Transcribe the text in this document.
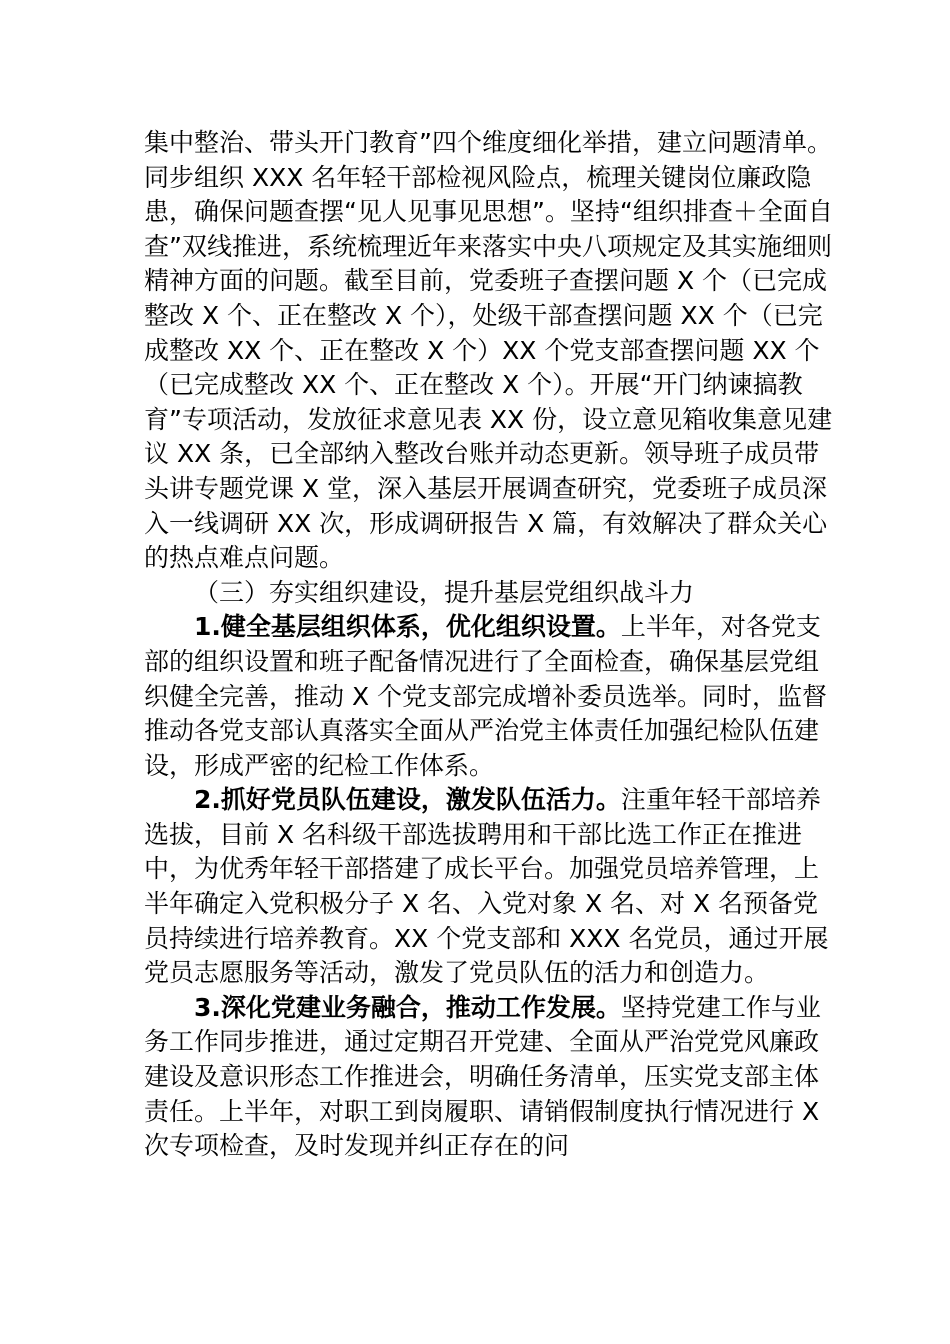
集中整治、带头开门教育”四个维度细化举措，建立问题清单。同步组织 XXX 名年轻干部检视风险点，梳理关键岗位廉政隐患，确保问题查摆“见人见事见思想”。坚持“组织排查＋全面自查”双线推进，系统梳理近年来落实中央八项规定及其实施细则精神方面的问题。截至目前，党委班子查摆问题 X 个（已完成整改 X 个、正在整改 X 个），处级干部查摆问题 XX 个（已完成整改 XX 个、正在整改 X 个）XX 个党支部查摆问题 XX 个（已完成整改 XX 个、正在整改 X 个）。开展“开门纳谏搞教育”专项活动，发放征求意见表 XX 份，设立意见箱收集意见建议 XX 条，已全部纳入整改台账并动态更新。领导班子成员带头讲专题党课 X 堂，深入基层开展调查研究，党委班子成员深入一线调研 XX 次，形成调研报告 X 篇，有效解决了群众关心的热点难点问题。

（三）夯实组织建设，提升基层党组织战斗力

1.健全基层组织体系，优化组织设置。上半年，对各党支部的组织设置和班子配备情况进行了全面检查，确保基层党组织健全完善，推动 X 个党支部完成增补委员选举。同时，监督推动各党支部认真落实全面从严治党主体责任加强纪检队伍建设，形成严密的纪检工作体系。

2.抓好党员队伍建设，激发队伍活力。注重年轻干部培养选拔，目前 X 名科级干部选拔聘用和干部比选工作正在推进中，为优秀年轻干部搭建了成长平台。加强党员培养管理，上半年确定入党积极分子 X 名、入党对象 X 名、对 X 名预备党员持续进行培养教育。XX 个党支部和 XXX 名党员，通过开展党员志愿服务等活动，激发了党员队伍的活力和创造力。

3.深化党建业务融合，推动工作发展。坚持党建工作与业务工作同步推进，通过定期召开党建、全面从严治党党风廉政建设及意识形态工作推进会，明确任务清单，压实党支部主体责任。上半年，对职工到岗履职、请销假制度执行情况进行 X 次专项检查，及时发现并纠正存在的问
